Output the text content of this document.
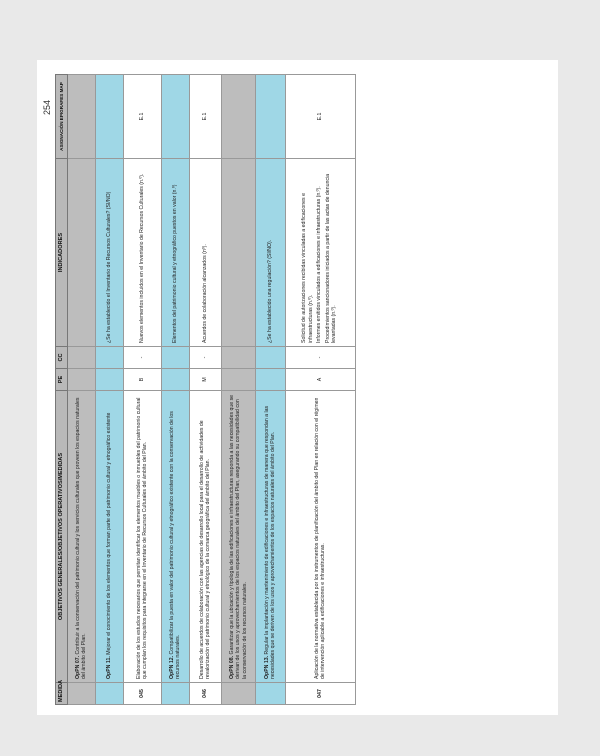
254
MEDIDA	OBJETIVOS GENERALES/OBJETIVOS OPERATIVOS/MEDIDAS	PE	CC	INDICADORES	ASIGNACIÓN EPIGRAFES MAP
	OpPN 07. Contribuir a la conservación del patrimonio cultural y los servicios culturales que proveen los espacios naturales del ámbito del Plan.				
	OpPN 11. Mejorar el conocimiento de los elementos que forman parte del patrimonio cultural y etnográfico existente			¿Se ha establecido el Inventario de Recursos Culturales? (SI/NO)	
045	Elaboración de los estudios necesarios que permitan identificar los elementos muebles o inmuebles del patrimonio cultural que cumplan los requisitos para integrarse en el Inventario de Recursos Culturales del ámbito del Plan.	B	-	Nuevos elementos incluidos en el Inventario de Recursos Culturales (n.º).	E.1
	OpPN 12. Compatibilizar la puesta en valor del patrimonio cultural y etnográfico existente con la conservación de los recursos naturales.			Elementos del patrimonio cultural y etnográfico puestos en valor (n.º)	
046	Desarrollo de acuerdos de colaboración con las agencias de desarrollo local para el desarrollo de actividades de revalorización del patrimonio cultural y etnológico de la comarca geográfica del ámbito del Plan.	M	-	Acuerdos de colaboración alcanzados (nº).	E.1
	OpPN 08. Garantizar que la ubicación y tipología de las edificaciones e infraestructuras responda a las necesidades que se derivan de los usos y aprovechamientos de los espacios naturales del ámbito del Plan, asegurando su compatibilidad con la conservación de los recursos naturales.				
	OpPN 13. Regular la implantación y mantenimiento de edificaciones e infraestructuras de manera que respondan a las necesidades que se deriven de los usos y aprovechamientos de los espacios naturales del ámbito del Plan.			¿Se ha establecido una regulación? (SI/NO).	
047	Aplicación de la normativa establecida por los instrumentos de planificación del ámbito del Plan en relación con el régimen de intervención aplicable a edificaciones e infraestructuras.	A	-	Solicitud de autorizaciones recibidas vinculadas a edificaciones e infraestructuras (n.º). Informes emitidos vinculados a edificaciones e infraestructuras (n.º). Procedimientos sancionadores iniciados a partir de las actas de denuncia levantadas (n.º).	E.1
